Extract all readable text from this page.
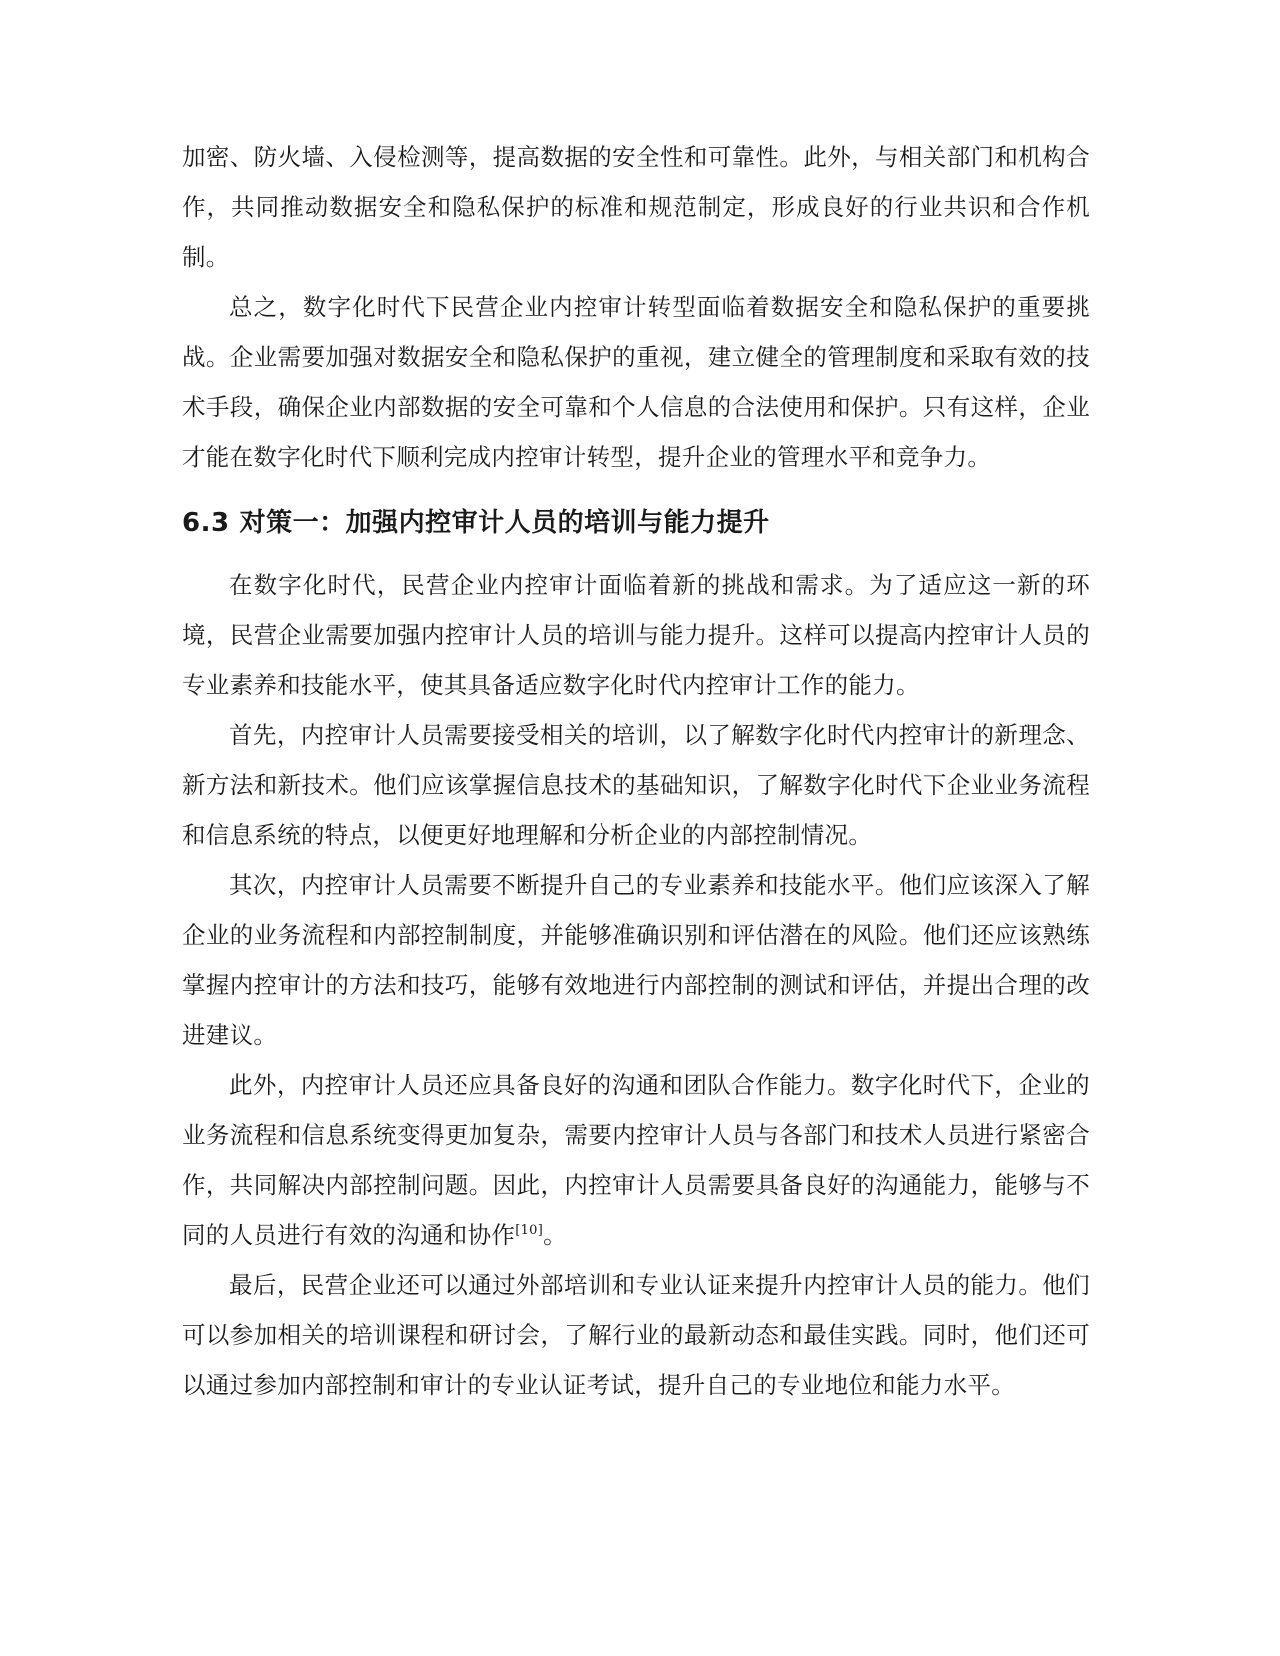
加密、防火墙、入侵检测等，提高数据的安全性和可靠性。此外，与相关部门和机构合作，共同推动数据安全和隐私保护的标准和规范制定，形成良好的行业共识和合作机制。

总之，数字化时代下民营企业内控审计转型面临着数据安全和隐私保护的重要挑战。企业需要加强对数据安全和隐私保护的重视，建立健全的管理制度和采取有效的技术手段，确保企业内部数据的安全可靠和个人信息的合法使用和保护。只有这样，企业才能在数字化时代下顺利完成内控审计转型，提升企业的管理水平和竞争力。

6.3 对策一：加强内控审计人员的培训与能力提升

在数字化时代，民营企业内控审计面临着新的挑战和需求。为了适应这一新的环境，民营企业需要加强内控审计人员的培训与能力提升。这样可以提高内控审计人员的专业素养和技能水平，使其具备适应数字化时代内控审计工作的能力。

首先，内控审计人员需要接受相关的培训，以了解数字化时代内控审计的新理念、新方法和新技术。他们应该掌握信息技术的基础知识，了解数字化时代下企业业务流程和信息系统的特点，以便更好地理解和分析企业的内部控制情况。

其次，内控审计人员需要不断提升自己的专业素养和技能水平。他们应该深入了解企业的业务流程和内部控制制度，并能够准确识别和评估潜在的风险。他们还应该熟练掌握内控审计的方法和技巧，能够有效地进行内部控制的测试和评估，并提出合理的改进建议。

此外，内控审计人员还应具备良好的沟通和团队合作能力。数字化时代下，企业的业务流程和信息系统变得更加复杂，需要内控审计人员与各部门和技术人员进行紧密合作，共同解决内部控制问题。因此，内控审计人员需要具备良好的沟通能力，能够与不同的人员进行有效的沟通和协作[10]。

最后，民营企业还可以通过外部培训和专业认证来提升内控审计人员的能力。他们可以参加相关的培训课程和研讨会，了解行业的最新动态和最佳实践。同时，他们还可以通过参加内部控制和审计的专业认证考试，提升自己的专业地位和能力水平。
